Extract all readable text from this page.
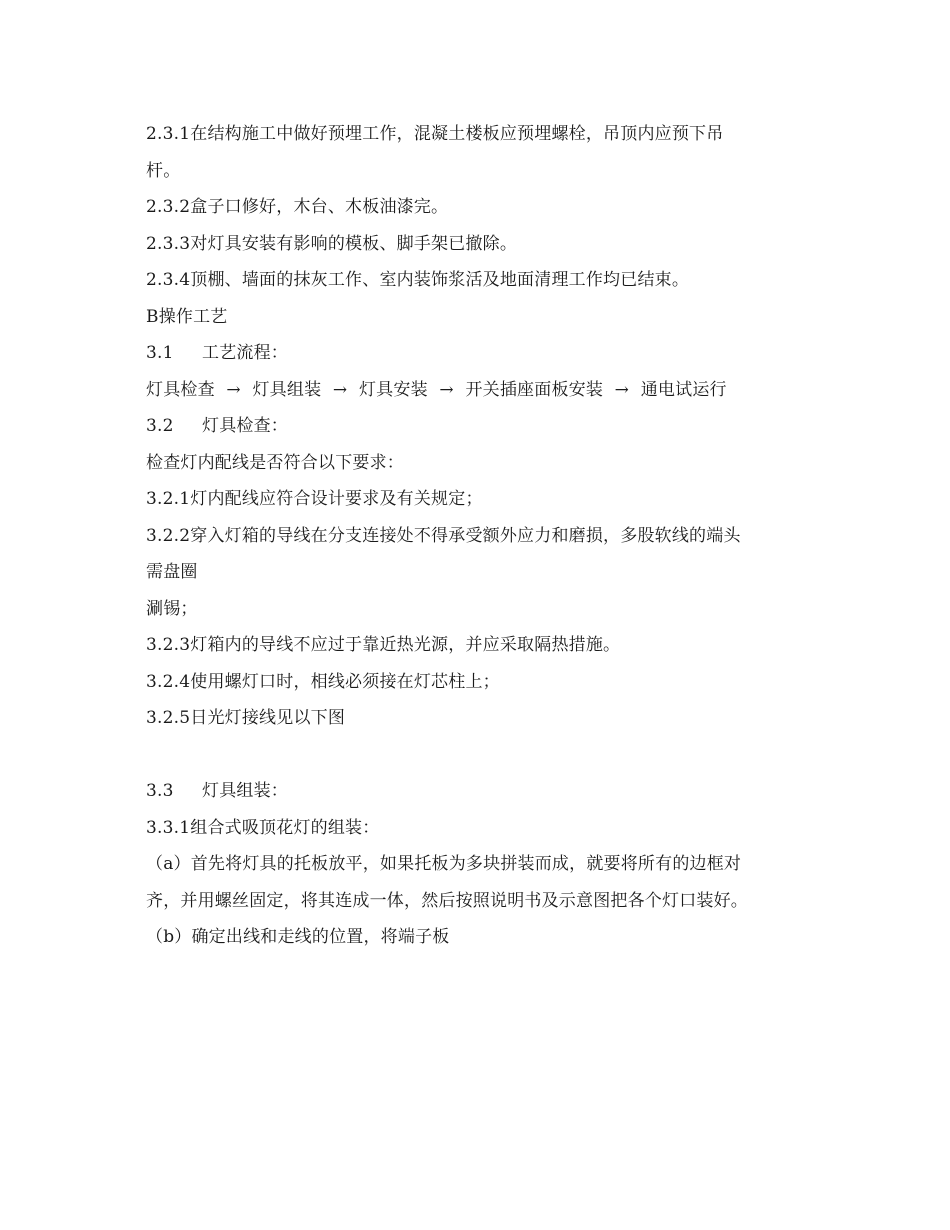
2.3.1在结构施工中做好预埋工作，混凝土楼板应预埋螺栓，吊顶内应预下吊
杆。
2.3.2盒子口修好，木台、木板油漆完。
2.3.3对灯具安装有影响的模板、脚手架已撤除。
2.3.4顶棚、墙面的抹灰工作、室内装饰浆活及地面清理工作均已结束。
B操作工艺
3.1 工艺流程：
灯具检查 → 灯具组装 → 灯具安装 → 开关插座面板安装 → 通电试运行
3.2 灯具检查：
检查灯内配线是否符合以下要求：
3.2.1灯内配线应符合设计要求及有关规定；
3.2.2穿入灯箱的导线在分支连接处不得承受额外应力和磨损，多股软线的端头
需盘圈
涮锡；
3.2.3灯箱内的导线不应过于靠近热光源，并应采取隔热措施。
3.2.4使用螺灯口时，相线必须接在灯芯柱上；
3.2.5日光灯接线见以下图
3.3 灯具组装：
3.3.1组合式吸顶花灯的组装：
（a）首先将灯具的托板放平，如果托板为多块拼装而成，就要将所有的边框对
齐，并用螺丝固定，将其连成一体，然后按照说明书及示意图把各个灯口装好。
（b）确定出线和走线的位置，将端子板
